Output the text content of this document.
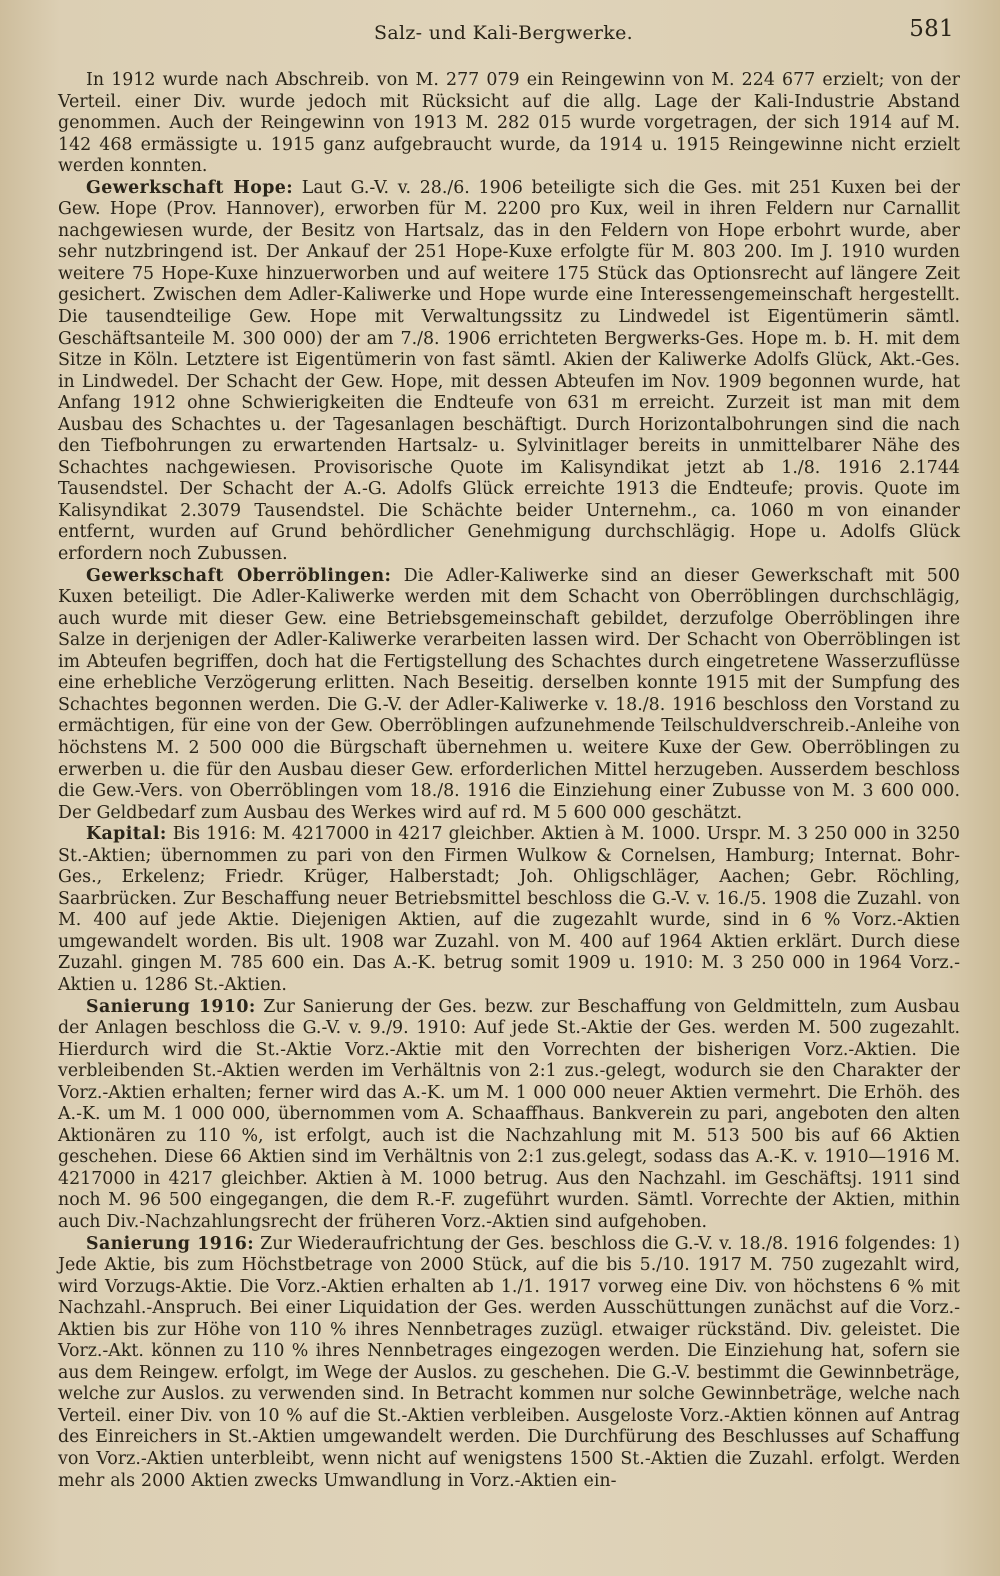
Salz- und Kali-Bergwerke.	581

In 1912 wurde nach Abschreib. von M. 277 079 ein Reingewinn von M. 224 677 erzielt; von der Verteil. einer Div. wurde jedoch mit Rücksicht auf die allg. Lage der Kali-Industrie Abstand genommen. Auch der Reingewinn von 1913 M. 282 015 wurde vorgetragen, der sich 1914 auf M. 142 468 ermässigte u. 1915 ganz aufgebraucht wurde, da 1914 u. 1915 Reingewinne nicht erzielt werden konnten.

Gewerkschaft Hope: Laut G.-V. v. 28./6. 1906 beteiligte sich die Ges. mit 251 Kuxen bei der Gew. Hope (Prov. Hannover), erworben für M. 2200 pro Kux, weil in ihren Feldern nur Carnallit nachgewiesen wurde, der Besitz von Hartsalz, das in den Feldern von Hope erbohrt wurde, aber sehr nutzbringend ist. Der Ankauf der 251 Hope-Kuxe erfolgte für M. 803 200. Im J. 1910 wurden weitere 75 Hope-Kuxe hinzuerworben und auf weitere 175 Stück das Optionsrecht auf längere Zeit gesichert. Zwischen dem Adler-Kaliwerke und Hope wurde eine Interessengemeinschaft hergestellt. Die tausendteilige Gew. Hope mit Verwaltungssitz zu Lindwedel ist Eigentümerin sämtl. Geschäftsanteile M. 300 000) der am 7./8. 1906 errichteten Bergwerks-Ges. Hope m. b. H. mit dem Sitze in Köln. Letztere ist Eigentümerin von fast sämtl. Akien der Kaliwerke Adolfs Glück, Akt.-Ges. in Lindwedel. Der Schacht der Gew. Hope, mit dessen Abteufen im Nov. 1909 begonnen wurde, hat Anfang 1912 ohne Schwierigkeiten die Endteufe von 631 m erreicht. Zurzeit ist man mit dem Ausbau des Schachtes u. der Tagesanlagen beschäftigt. Durch Horizontalbohrungen sind die nach den Tiefbohrungen zu erwartenden Hartsalz- u. Sylvinitlager bereits in unmittelbarer Nähe des Schachtes nachgewiesen. Provisorische Quote im Kalisyndikat jetzt ab 1./8. 1916 2.1744 Tausendstel. Der Schacht der A.-G. Adolfs Glück erreichte 1913 die Endteufe; provis. Quote im Kalisyndikat 2.3079 Tausendstel. Die Schächte beider Unternehm., ca. 1060 m von einander entfernt, wurden auf Grund behördlicher Genehmigung durchschlägig. Hope u. Adolfs Glück erfordern noch Zubussen.

Gewerkschaft Oberröblingen: Die Adler-Kaliwerke sind an dieser Gewerkschaft mit 500 Kuxen beteiligt. Die Adler-Kaliwerke werden mit dem Schacht von Oberröblingen durchschlägig, auch wurde mit dieser Gew. eine Betriebsgemeinschaft gebildet, derzufolge Oberröblingen ihre Salze in derjenigen der Adler-Kaliwerke verarbeiten lassen wird. Der Schacht von Oberröblingen ist im Abteufen begriffen, doch hat die Fertigstellung des Schachtes durch eingetretene Wasserzuflüsse eine erhebliche Verzögerung erlitten. Nach Beseitig. derselben konnte 1915 mit der Sumpfung des Schachtes begonnen werden. Die G.-V. der Adler-Kaliwerke v. 18./8. 1916 beschloss den Vorstand zu ermächtigen, für eine von der Gew. Oberröblingen aufzunehmende Teilschuldverschreib.-Anleihe von höchstens M. 2 500 000 die Bürgschaft übernehmen u. weitere Kuxe der Gew. Oberröblingen zu erwerben u. die für den Ausbau dieser Gew. erforderlichen Mittel herzugeben. Ausserdem beschloss die Gew.-Vers. von Oberröblingen vom 18./8. 1916 die Einziehung einer Zubusse von M. 3 600 000. Der Geldbedarf zum Ausbau des Werkes wird auf rd. M 5 600 000 geschätzt.

Kapital: Bis 1916: M. 4217000 in 4217 gleichber. Aktien à M. 1000. Urspr. M. 3 250 000 in 3250 St.-Aktien; übernommen zu pari von den Firmen Wulkow & Cornelsen, Hamburg; Internat. Bohr-Ges., Erkelenz; Friedr. Krüger, Halberstadt; Joh. Ohligschläger, Aachen; Gebr. Röchling, Saarbrücken. Zur Beschaffung neuer Betriebsmittel beschloss die G.-V. v. 16./5. 1908 die Zuzahl. von M. 400 auf jede Aktie. Diejenigen Aktien, auf die zugezahlt wurde, sind in 6 % Vorz.-Aktien umgewandelt worden. Bis ult. 1908 war Zuzahl. von M. 400 auf 1964 Aktien erklärt. Durch diese Zuzahl. gingen M. 785 600 ein. Das A.-K. betrug somit 1909 u. 1910: M. 3 250 000 in 1964 Vorz.-Aktien u. 1286 St.-Aktien.

Sanierung 1910: Zur Sanierung der Ges. bezw. zur Beschaffung von Geldmitteln, zum Ausbau der Anlagen beschloss die G.-V. v. 9./9. 1910: Auf jede St.-Aktie der Ges. werden M. 500 zugezahlt. Hierdurch wird die St.-Aktie Vorz.-Aktie mit den Vorrechten der bisherigen Vorz.-Aktien. Die verbleibenden St.-Aktien werden im Verhältnis von 2:1 zus.-gelegt, wodurch sie den Charakter der Vorz.-Aktien erhalten; ferner wird das A.-K. um M. 1 000 000 neuer Aktien vermehrt. Die Erhöh. des A.-K. um M. 1 000 000, übernommen vom A. Schaaffhaus. Bankverein zu pari, angeboten den alten Aktionären zu 110 %, ist erfolgt, auch ist die Nachzahlung mit M. 513 500 bis auf 66 Aktien geschehen. Diese 66 Aktien sind im Verhältnis von 2:1 zus.gelegt, sodass das A.-K. v. 1910—1916 M. 4217000 in 4217 gleichber. Aktien à M. 1000 betrug. Aus den Nachzahl. im Geschäftsj. 1911 sind noch M. 96 500 eingegangen, die dem R.-F. zugeführt wurden. Sämtl. Vorrechte der Aktien, mithin auch Div.-Nachzahlungsrecht der früheren Vorz.-Aktien sind aufgehoben.

Sanierung 1916: Zur Wiederaufrichtung der Ges. beschloss die G.-V. v. 18./8. 1916 folgendes: 1) Jede Aktie, bis zum Höchstbetrage von 2000 Stück, auf die bis 5./10. 1917 M. 750 zugezahlt wird, wird Vorzugs-Aktie. Die Vorz.-Aktien erhalten ab 1./1. 1917 vorweg eine Div. von höchstens 6 % mit Nachzahl.-Anspruch. Bei einer Liquidation der Ges. werden Ausschüttungen zunächst auf die Vorz.-Aktien bis zur Höhe von 110 % ihres Nennbetrages zuzügl. etwaiger rückständ. Div. geleistet. Die Vorz.-Akt. können zu 110 % ihres Nennbetrages eingezogen werden. Die Einziehung hat, sofern sie aus dem Reingew. erfolgt, im Wege der Auslos. zu geschehen. Die G.-V. bestimmt die Gewinnbeträge, welche zur Auslos. zu verwenden sind. In Betracht kommen nur solche Gewinnbeträge, welche nach Verteil. einer Div. von 10 % auf die St.-Aktien verbleiben. Ausgeloste Vorz.-Aktien können auf Antrag des Einreichers in St.-Aktien umgewandelt werden. Die Durchfürung des Beschlusses auf Schaffung von Vorz.-Aktien unterbleibt, wenn nicht auf wenigstens 1500 St.-Aktien die Zuzahl. erfolgt. Werden mehr als 2000 Aktien zwecks Umwandlung in Vorz.-Aktien ein-
